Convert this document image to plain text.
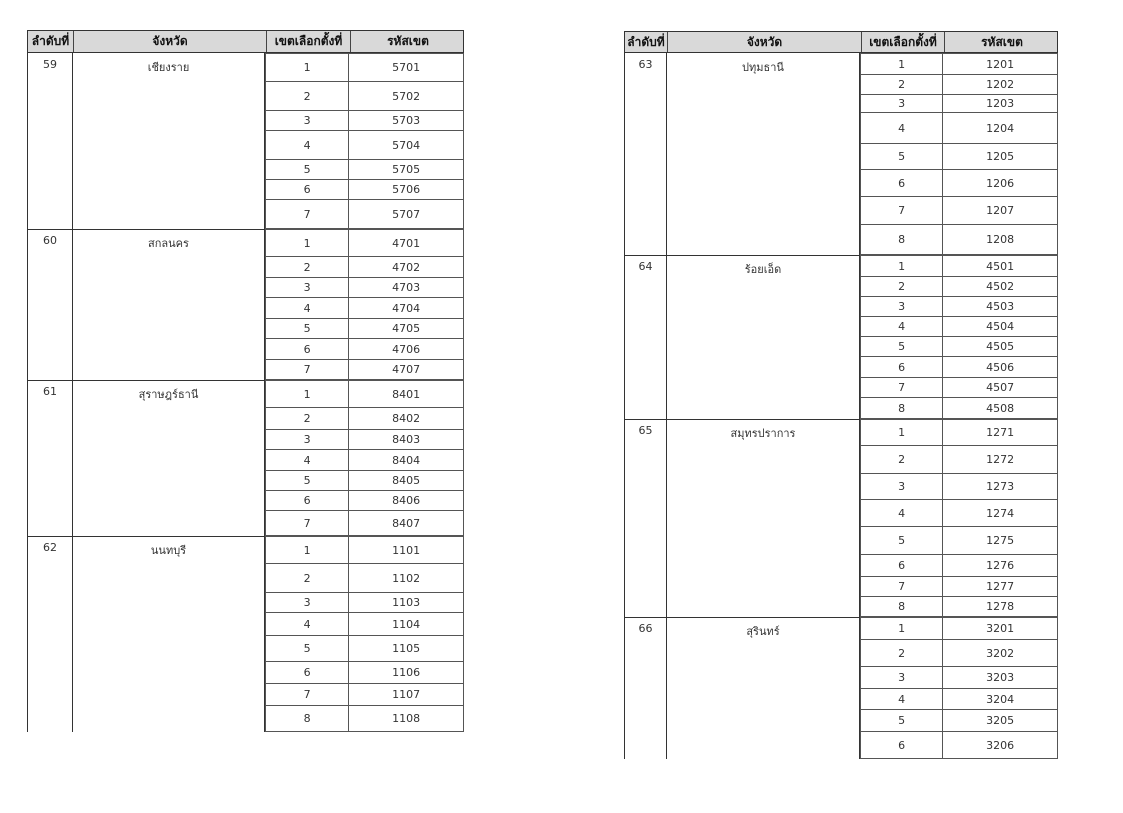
ลำดับที่	จังหวัด	เขตเลือกตั้งที่	รหัสเขต
59	เชียงราย	1	5701
2	5702
3	5703
4	5704
5	5705
6	5706
7	5707
60	สกลนคร	1	4701
2	4702
3	4703
4	4704
5	4705
6	4706
7	4707
61	สุราษฎร์ธานี	1	8401
2	8402
3	8403
4	8404
5	8405
6	8406
7	8407
62	นนทบุรี	1	1101
2	1102
3	1103
4	1104
5	1105
6	1106
7	1107
8	1108
ลำดับที่	จังหวัด	เขตเลือกตั้งที่	รหัสเขต
63	ปทุมธานี	1	1201
2	1202
3	1203
4	1204
5	1205
6	1206
7	1207
8	1208
64	ร้อยเอ็ด	1	4501
2	4502
3	4503
4	4504
5	4505
6	4506
7	4507
8	4508
65	สมุทรปราการ	1	1271
2	1272
3	1273
4	1274
5	1275
6	1276
7	1277
8	1278
66	สุรินทร์	1	3201
2	3202
3	3203
4	3204
5	3205
6	3206
